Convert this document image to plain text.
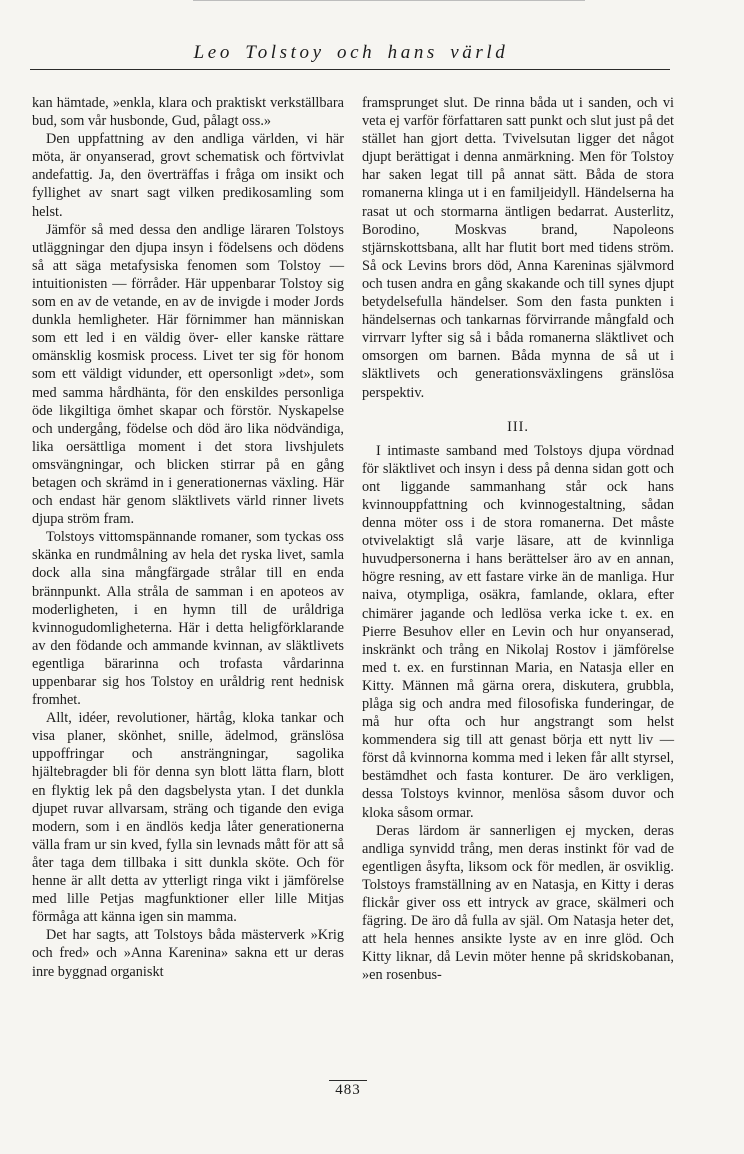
Leo Tolstoy och hans värld

kan hämtade, »enkla, klara och praktiskt verkställbara bud, som vår husbonde, Gud, pålagt oss.»

Den uppfattning av den andliga världen, vi här möta, är onyanserad, grovt schematisk och förtvivlat andefattig. Ja, den överträffas i fråga om insikt och fyllighet av snart sagt vilken predikosamling som helst.

Jämför så med dessa den andlige läraren Tolstoys utläggningar den djupa insyn i födelsens och dödens så att säga metafysiska fenomen som Tolstoy — intuitionisten — förråder. Här uppenbarar Tolstoy sig som en av de vetande, en av de invigde i moder Jords dunkla hemligheter. Här förnimmer han människan som ett led i en väldig över- eller kanske rättare omänsklig kosmisk process. Livet ter sig för honom som ett väldigt vidunder, ett opersonligt »det», som med samma hårdhänta, för den enskildes personliga öde likgiltiga ömhet skapar och förstör. Nyskapelse och undergång, födelse och död äro lika nödvändiga, lika oersättliga moment i det stora livshjulets omsvängningar, och blicken stirrar på en gång betagen och skrämd in i generationernas växling. Här och endast här genom släktlivets värld rinner livets djupa ström fram.

Tolstoys vittomspännande romaner, som tyckas oss skänka en rundmålning av hela det ryska livet, samla dock alla sina mångfärgade strålar till en enda brännpunkt. Alla stråla de samman i en apoteos av moderligheten, i en hymn till de uråldriga kvinnogudomligheterna. Här i detta heligförklarande av den födande och ammande kvinnan, av släktlivets egentliga bärarinna och trofasta vårdarinna uppenbarar sig hos Tolstoy en uråldrig rent hednisk fromhet.

Allt, idéer, revolutioner, härtåg, kloka tankar och visa planer, skönhet, snille, ädelmod, gränslösa uppoffringar och ansträngningar, sagolika hjältebragder bli för denna syn blott lätta flarn, blott en flyktig lek på den dagsbelysta ytan. I det dunkla djupet ruvar allvarsam, sträng och tigande den eviga modern, som i en ändlös kedja låter generationerna välla fram ur sin kved, fylla sin levnads mått för att så åter taga dem tillbaka i sitt dunkla sköte. Och för henne är allt detta av ytterligt ringa vikt i jämförelse med lille Petjas magfunktioner eller lille Mitjas förmåga att känna igen sin mamma.

Det har sagts, att Tolstoys båda mästerverk »Krig och fred» och »Anna Karenina» sakna ett ur deras inre byggnad organiskt

framsprunget slut. De rinna båda ut i sanden, och vi veta ej varför författaren satt punkt och slut just på det stället han gjort detta. Tvivelsutan ligger det något djupt berättigat i denna anmärkning. Men för Tolstoy har saken legat till på annat sätt. Båda de stora romanerna klinga ut i en familjeidyll. Händelserna ha rasat ut och stormarna äntligen bedarrat. Austerlitz, Borodino, Moskvas brand, Napoleons stjärnskottsbana, allt har flutit bort med tidens ström. Så ock Levins brors död, Anna Kareninas självmord och tusen andra en gång skakande och till synes djupt betydelsefulla händelser. Som den fasta punkten i händelsernas och tankarnas förvirrande mångfald och virrvarr lyfter sig så i båda romanerna släktlivet och omsorgen om barnen. Båda mynna de så ut i släktlivets och generationsväxlingens gränslösa perspektiv.

III.

I intimaste samband med Tolstoys djupa vördnad för släktlivet och insyn i dess på denna sidan gott och ont liggande sammanhang står ock hans kvinnouppfattning och kvinnogestaltning, sådan denna möter oss i de stora romanerna. Det måste otvivelaktigt slå varje läsare, att de kvinnliga huvudpersonerna i hans berättelser äro av en annan, högre resning, av ett fastare virke än de manliga. Hur naiva, otympliga, osäkra, famlande, oklara, efter chimärer jagande och ledlösa verka icke t. ex. en Pierre Besuhov eller en Levin och hur onyanserad, inskränkt och trång en Nikolaj Rostov i jämförelse med t. ex. en furstinnan Maria, en Natasja eller en Kitty. Männen må gärna orera, diskutera, grubbla, plåga sig och andra med filosofiska funderingar, de må hur ofta och hur angstrangt som helst kommendera sig till att genast börja ett nytt liv — först då kvinnorna komma med i leken får allt styrsel, bestämdhet och fasta konturer. De äro verkligen, dessa Tolstoys kvinnor, menlösa såsom duvor och kloka såsom ormar.

Deras lärdom är sannerligen ej mycken, deras andliga synvidd trång, men deras instinkt för vad de egentligen åsyfta, liksom ock för medlen, är osviklig. Tolstoys framställning av en Natasja, en Kitty i deras flickår giver oss ett intryck av grace, skälmeri och fägring. De äro då fulla av själ. Om Natasja heter det, att hela hennes ansikte lyste av en inre glöd. Och Kitty liknar, då Levin möter henne på skridskobanan, »en rosenbus-

483
